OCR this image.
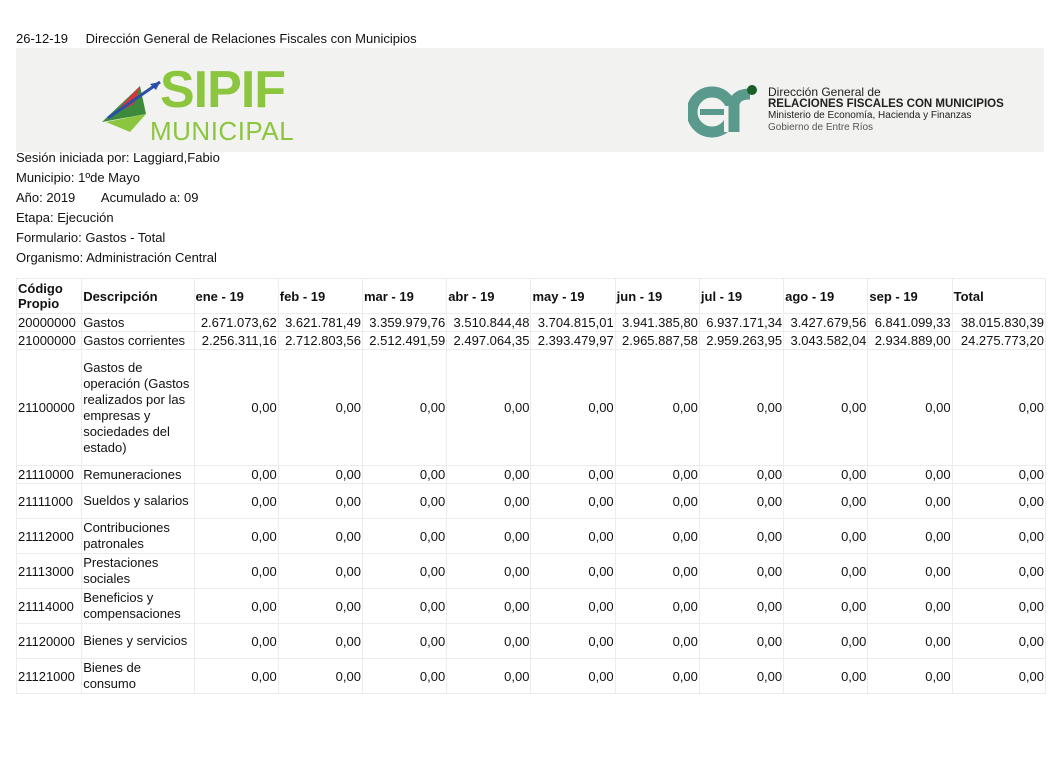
26-12-19 Dirección General de Relaciones Fiscales con Municipios
SIPIF
MUNICIPAL	er
Dirección General de
RELACIONES FISCALES CON MUNICIPIOS
Ministerio de Economía, Hacienda y Finanzas
Gobierno de Entre Ríos
Sesión iniciada por: Laggiard,Fabio
Municipio: 1ºde Mayo
Año: 2019 Acumulado a: 09
Etapa: Ejecución
Formulario: Gastos - Total
Organismo: Administración Central
Código Propio	Descripción	ene - 19	feb - 19	mar - 19	abr - 19	may - 19	jun - 19	jul - 19	ago - 19	sep - 19	Total
20000000	Gastos	2.671.073,62	3.621.781,49	3.359.979,76	3.510.844,48	3.704.815,01	3.941.385,80	6.937.171,34	3.427.679,56	6.841.099,33	38.015.830,39
21000000	Gastos corrientes	2.256.311,16	2.712.803,56	2.512.491,59	2.497.064,35	2.393.479,97	2.965.887,58	2.959.263,95	3.043.582,04	2.934.889,00	24.275.773,20
21100000	Gastos de operación (Gastos realizados por las empresas y sociedades del estado)	0,00	0,00	0,00	0,00	0,00	0,00	0,00	0,00	0,00	0,00
21110000	Remuneraciones	0,00	0,00	0,00	0,00	0,00	0,00	0,00	0,00	0,00	0,00
21111000	Sueldos y salarios	0,00	0,00	0,00	0,00	0,00	0,00	0,00	0,00	0,00	0,00
21112000	Contribuciones patronales	0,00	0,00	0,00	0,00	0,00	0,00	0,00	0,00	0,00	0,00
21113000	Prestaciones sociales	0,00	0,00	0,00	0,00	0,00	0,00	0,00	0,00	0,00	0,00
21114000	Beneficios y compensaciones	0,00	0,00	0,00	0,00	0,00	0,00	0,00	0,00	0,00	0,00
21120000	Bienes y servicios	0,00	0,00	0,00	0,00	0,00	0,00	0,00	0,00	0,00	0,00
21121000	Bienes de consumo	0,00	0,00	0,00	0,00	0,00	0,00	0,00	0,00	0,00	0,00
